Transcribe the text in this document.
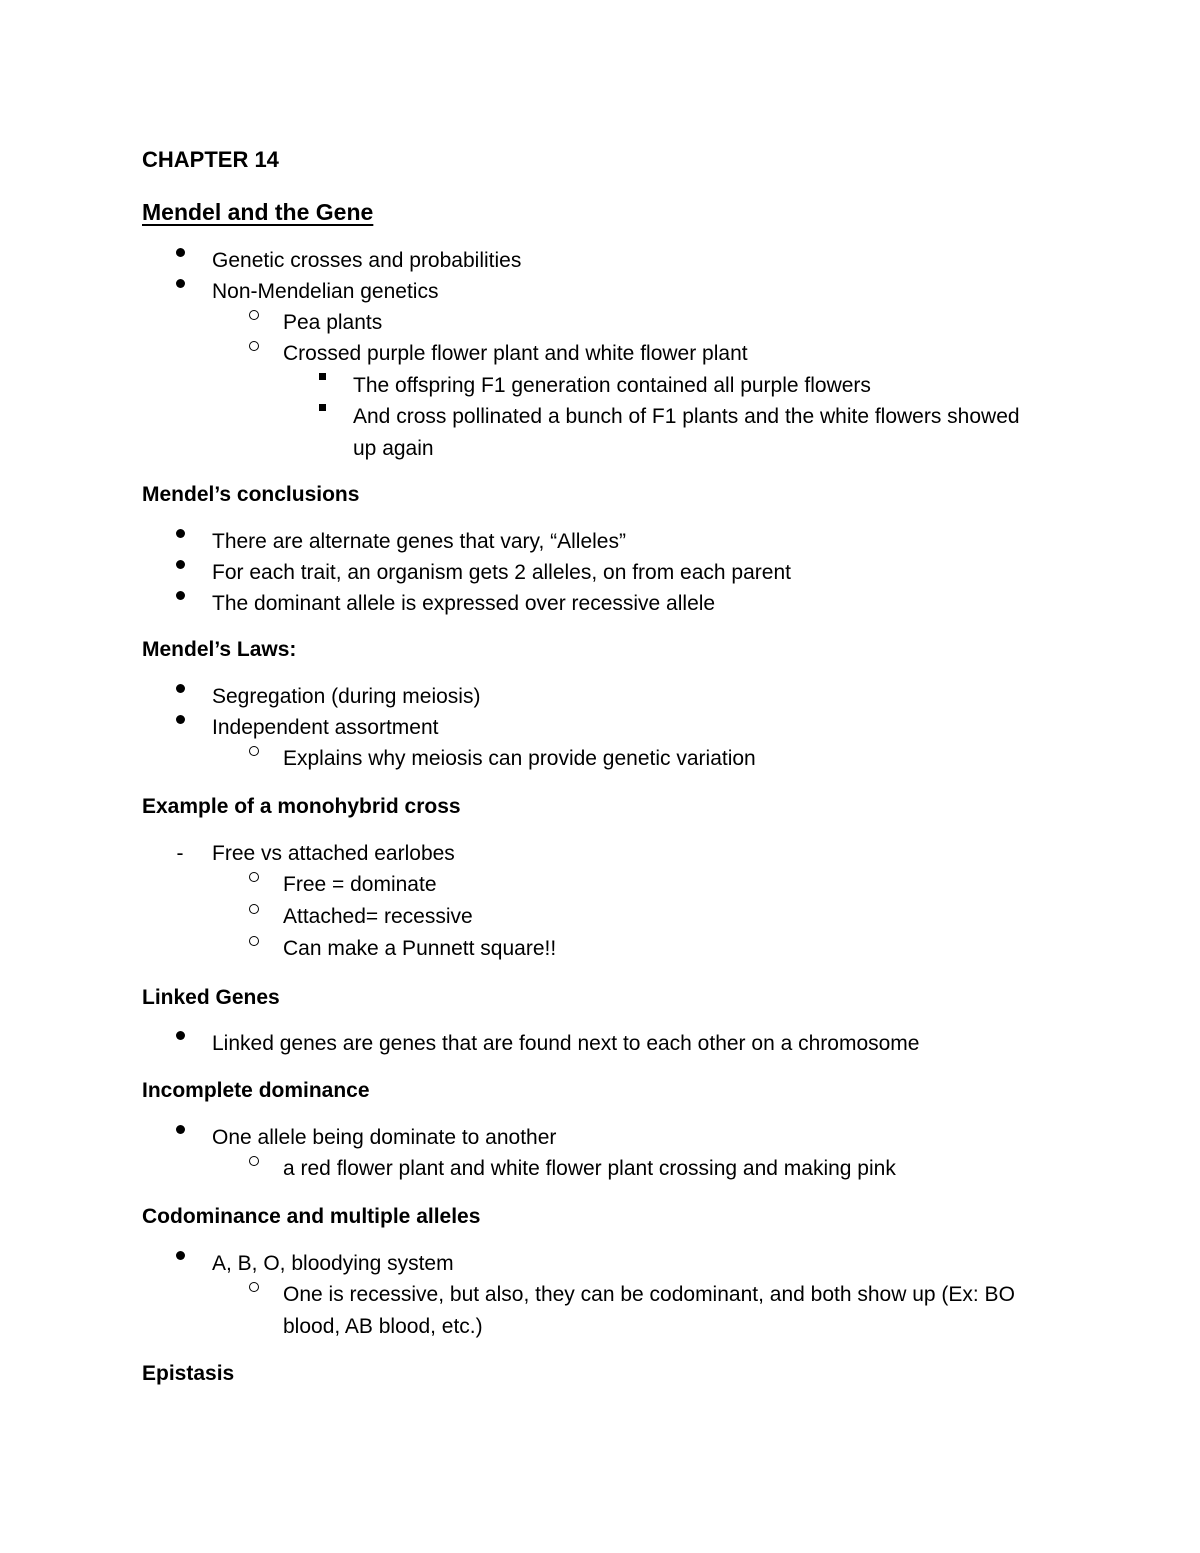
CHAPTER 14
Mendel and the Gene
Genetic crosses and probabilities
Non-Mendelian genetics
Pea plants
Crossed purple flower plant and white flower plant
The offspring F1 generation contained all purple flowers
And cross pollinated a bunch of F1 plants and the white flowers showed
up again
Mendel’s conclusions
There are alternate genes that vary, “Alleles”
For each trait, an organism gets 2 alleles, on from each parent
The dominant allele is expressed over recessive allele
Mendel’s Laws:
Segregation (during meiosis)
Independent assortment
Explains why meiosis can provide genetic variation
Example of a monohybrid cross
- Free vs attached earlobes
Free = dominate
Attached= recessive
Can make a Punnett square!!
Linked Genes
Linked genes are genes that are found next to each other on a chromosome
Incomplete dominance
One allele being dominate to another
a red flower plant and white flower plant crossing and making pink
Codominance and multiple alleles
A, B, O, bloodying system
One is recessive, but also, they can be codominant, and both show up (Ex: BO
blood, AB blood, etc.)
Epistasis
